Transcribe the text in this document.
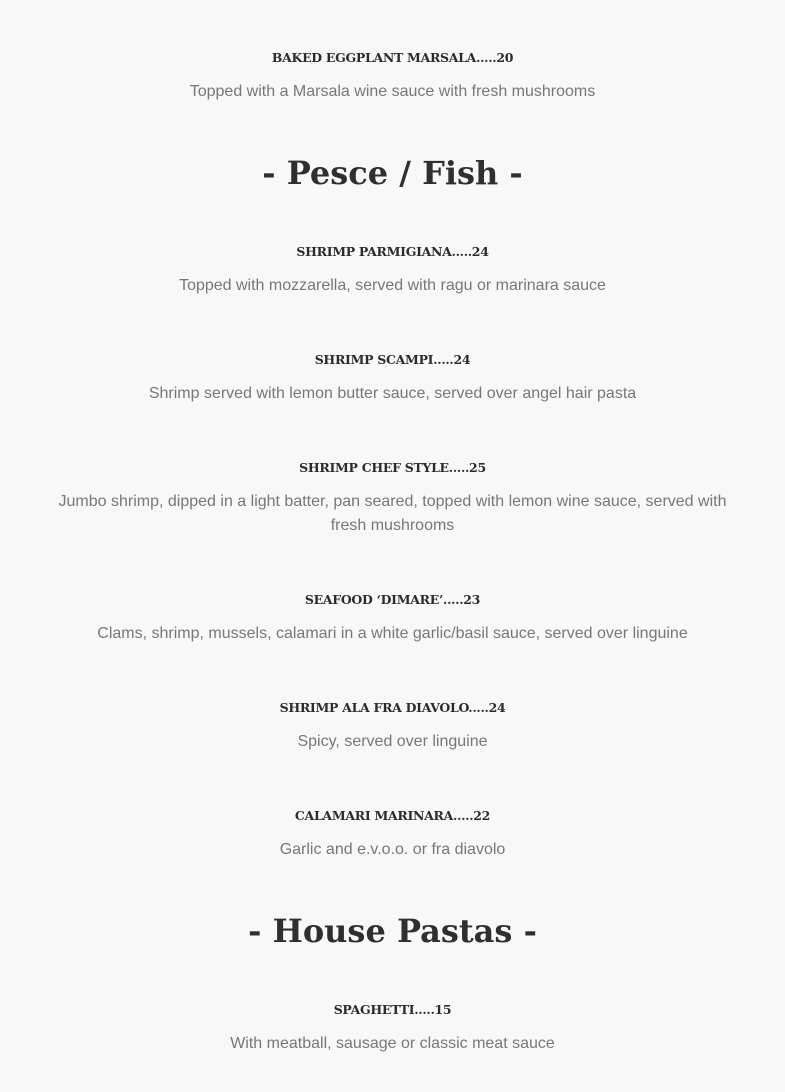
BAKED EGGPLANT MARSALA.....20
Topped with a Marsala wine sauce with fresh mushrooms
- Pesce / Fish -
SHRIMP PARMIGIANA.....24
Topped with mozzarella, served with ragu or marinara sauce
SHRIMP SCAMPI.....24
Shrimp served with lemon butter sauce, served over angel hair pasta
SHRIMP CHEF STYLE.....25
Jumbo shrimp, dipped in a light batter, pan seared, topped with lemon wine sauce, served with fresh mushrooms
SEAFOOD ‘DIMARE’.....23
Clams, shrimp, mussels, calamari in a white garlic/basil sauce, served over linguine
SHRIMP ALA FRA DIAVOLO.....24
Spicy, served over linguine
CALAMARI MARINARA.....22
Garlic and e.v.o.o. or fra diavolo
- House Pastas -
SPAGHETTI.....15
With meatball, sausage or classic meat sauce
